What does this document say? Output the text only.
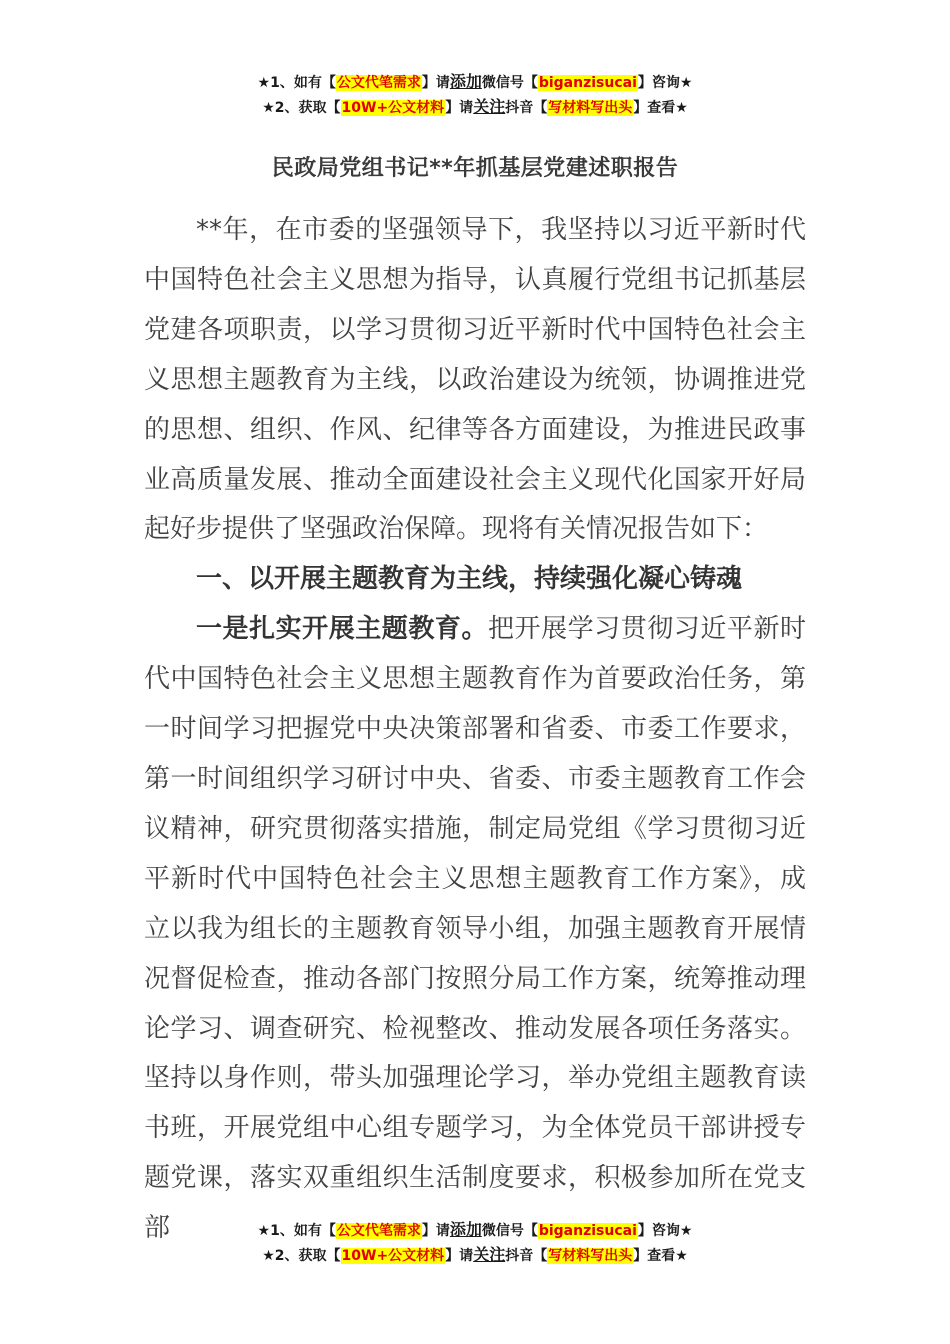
★1、如有【公文代笔需求】请添加微信号【biganzisucai】咨询★
★2、获取【10W+公文材料】请关注抖音【写材料写出头】查看★
民政局党组书记**年抓基层党建述职报告

**年，在市委的坚强领导下，我坚持以习近平新时代中国特色社会主义思想为指导，认真履行党组书记抓基层党建各项职责，以学习贯彻习近平新时代中国特色社会主义思想主题教育为主线，以政治建设为统领，协调推进党的思想、组织、作风、纪律等各方面建设，为推进民政事业高质量发展、推动全面建设社会主义现代化国家开好局起好步提供了坚强政治保障。现将有关情况报告如下：

一、以开展主题教育为主线，持续强化凝心铸魂

一是扎实开展主题教育。把开展学习贯彻习近平新时代中国特色社会主义思想主题教育作为首要政治任务，第一时间学习把握党中央决策部署和省委、市委工作要求，第一时间组织学习研讨中央、省委、市委主题教育工作会议精神，研究贯彻落实措施，制定局党组《学习贯彻习近平新时代中国特色社会主义思想主题教育工作方案》，成立以我为组长的主题教育领导小组，加强主题教育开展情况督促检查，推动各部门按照分局工作方案，统筹推动理论学习、调查研究、检视整改、推动发展各项任务落实。坚持以身作则，带头加强理论学习，举办党组主题教育读书班，开展党组中心组专题学习，为全体党员干部讲授专题党课，落实双重组织生活制度要求，积极参加所在党支部	★1、如有【公文代笔需求】请添加微信号【biganzisucai】咨询★
★2、获取【10W+公文材料】请关注抖音【写材料写出头】查看★
